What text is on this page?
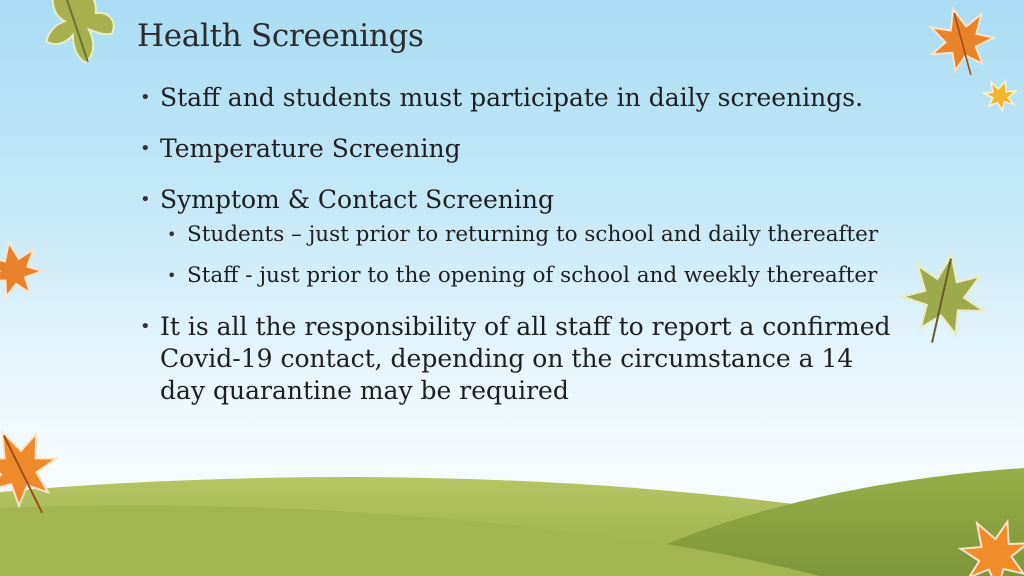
Health Screenings
• Staff and students must participate in daily screenings.
• Temperature Screening
• Symptom & Contact Screening
• Students – just prior to returning to school and daily thereafter
• Staff - just prior to the opening of school and weekly thereafter
• It is all the responsibility of all staff to report a confirmed Covid-19 contact, depending on the circumstance a 14 day quarantine may be required
